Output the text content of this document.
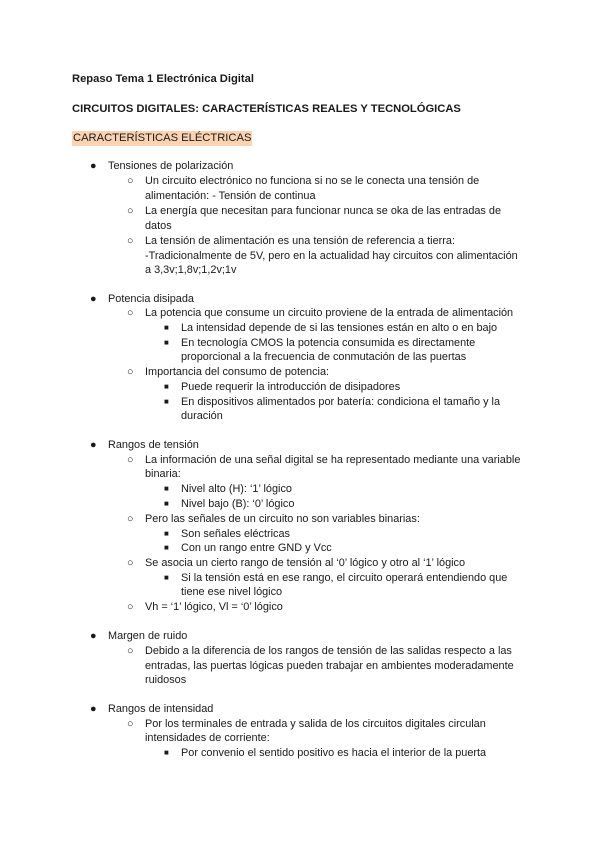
Repaso Tema 1 Electrónica Digital
CIRCUITOS DIGITALES: CARACTERÍSTICAS REALES Y TECNOLÓGICAS
CARACTERÍSTICAS ELÉCTRICAS
● Tensiones de polarización
○ Un circuito electrónico no funciona si no se le conecta una tensión de
alimentación: - Tensión de continua
○ La energía que necesitan para funcionar nunca se oka de las entradas de
datos
○ La tensión de alimentación es una tensión de referencia a tierra:
-Tradicionalmente de 5V, pero en la actualidad hay circuitos con alimentación
a 3,3v;1,8v;1,2v;1v
● Potencia disipada
○ La potencia que consume un circuito proviene de la entrada de alimentación
■ La intensidad depende de si las tensiones están en alto o en bajo
■ En tecnología CMOS la potencia consumida es directamente
proporcional a la frecuencia de conmutación de las puertas
○ Importancia del consumo de potencia:
■ Puede requerir la introducción de disipadores
■ En dispositivos alimentados por batería: condiciona el tamaño y la
duración
● Rangos de tensión
○ La información de una señal digital se ha representado mediante una variable
binaria:
■ Nivel alto (H): ‘1’ lógico
■ Nivel bajo (B): ‘0’ lógico
○ Pero las señales de un circuito no son variables binarias:
■ Son señales eléctricas
■ Con un rango entre GND y Vcc
○ Se asocia un cierto rango de tensión al ‘0’ lógico y otro al ‘1’ lógico
■ Si la tensión está en ese rango, el circuito operará entendiendo que
tiene ese nivel lógico
○ Vh = ‘1’ lógico, Vl = ‘0’ lógico
● Margen de ruido
○ Debido a la diferencia de los rangos de tensión de las salidas respecto a las
entradas, las puertas lógicas pueden trabajar en ambientes moderadamente
ruidosos
● Rangos de intensidad
○ Por los terminales de entrada y salida de los circuitos digitales circulan
intensidades de corriente:
■ Por convenio el sentido positivo es hacia el interior de la puerta
